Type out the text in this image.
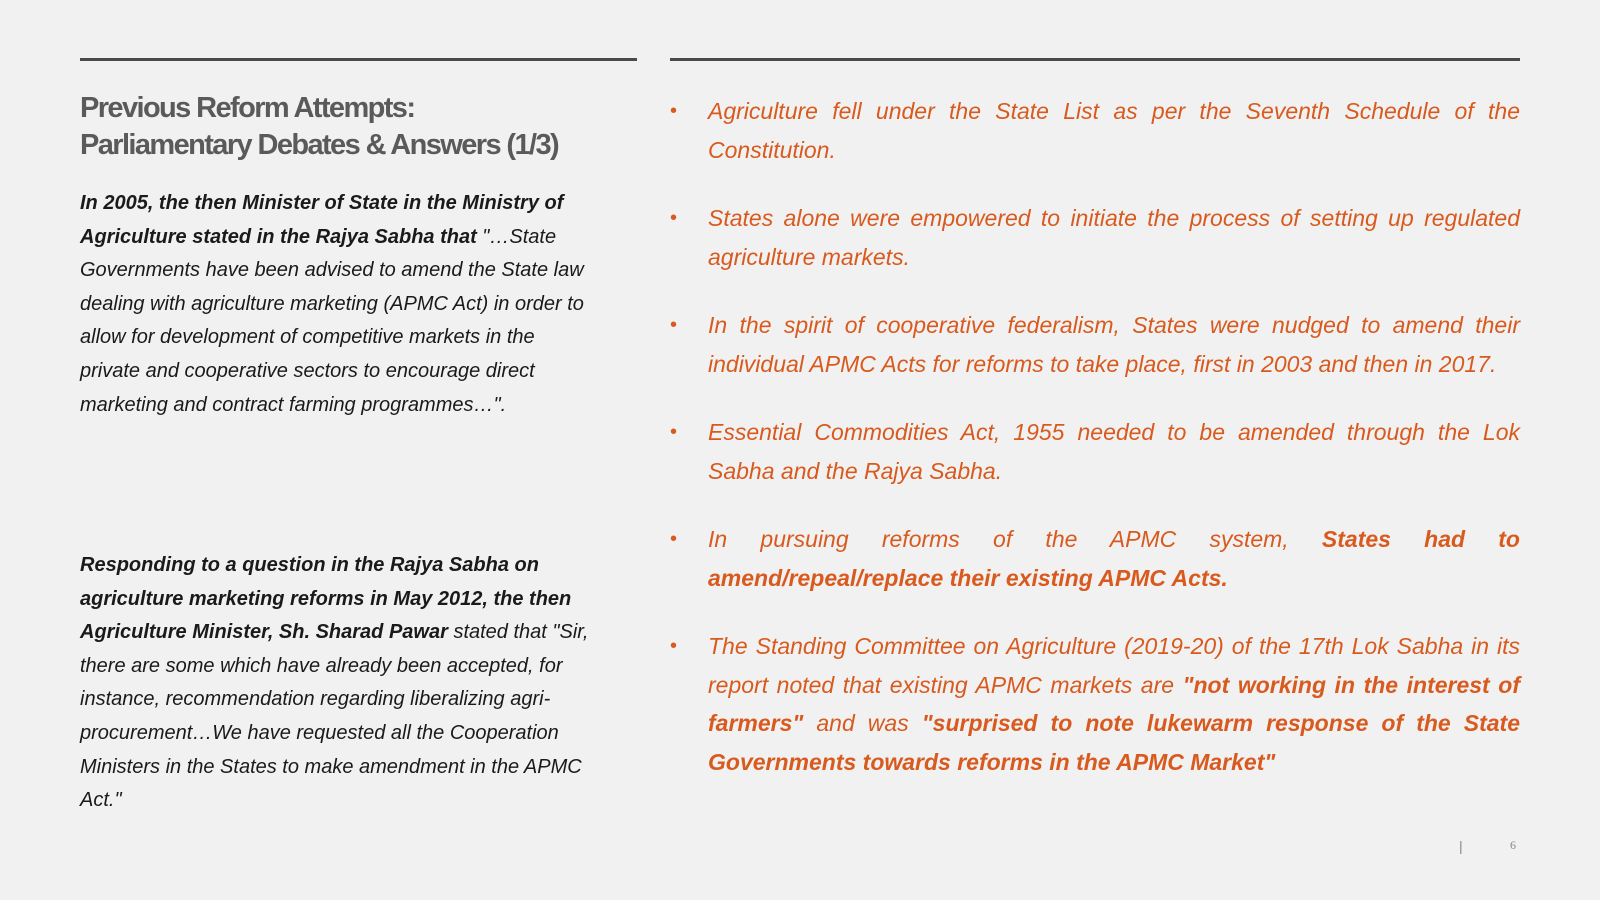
Previous Reform Attempts:
Parliamentary Debates & Answers (1/3)
In 2005, the then Minister of State in the Ministry of Agriculture stated in the Rajya Sabha that "…State Governments have been advised to amend the State law dealing with agriculture marketing (APMC Act) in order to allow for development of competitive markets in the private and cooperative sectors to encourage direct marketing and contract farming programmes…".
Responding to a question in the Rajya Sabha on agriculture marketing reforms in May 2012, the then Agriculture Minister, Sh. Sharad Pawar stated that "Sir, there are some which have already been accepted, for instance, recommendation regarding liberalizing agri-procurement…We have requested all the Cooperation Ministers in the States to make amendment in the APMC Act."
• Agriculture fell under the State List as per the Seventh Schedule of the Constitution.
• States alone were empowered to initiate the process of setting up regulated agriculture markets.
• In the spirit of cooperative federalism, States were nudged to amend their individual APMC Acts for reforms to take place, first in 2003 and then in 2017.
• Essential Commodities Act, 1955 needed to be amended through the Lok Sabha and the Rajya Sabha.
• In pursuing reforms of the APMC system, States had to amend/repeal/replace their existing APMC Acts.
• The Standing Committee on Agriculture (2019-20) of the 17th Lok Sabha in its report noted that existing APMC markets are "not working in the interest of farmers" and was "surprised to note lukewarm response of the State Governments towards reforms in the APMC Market"
|	6
